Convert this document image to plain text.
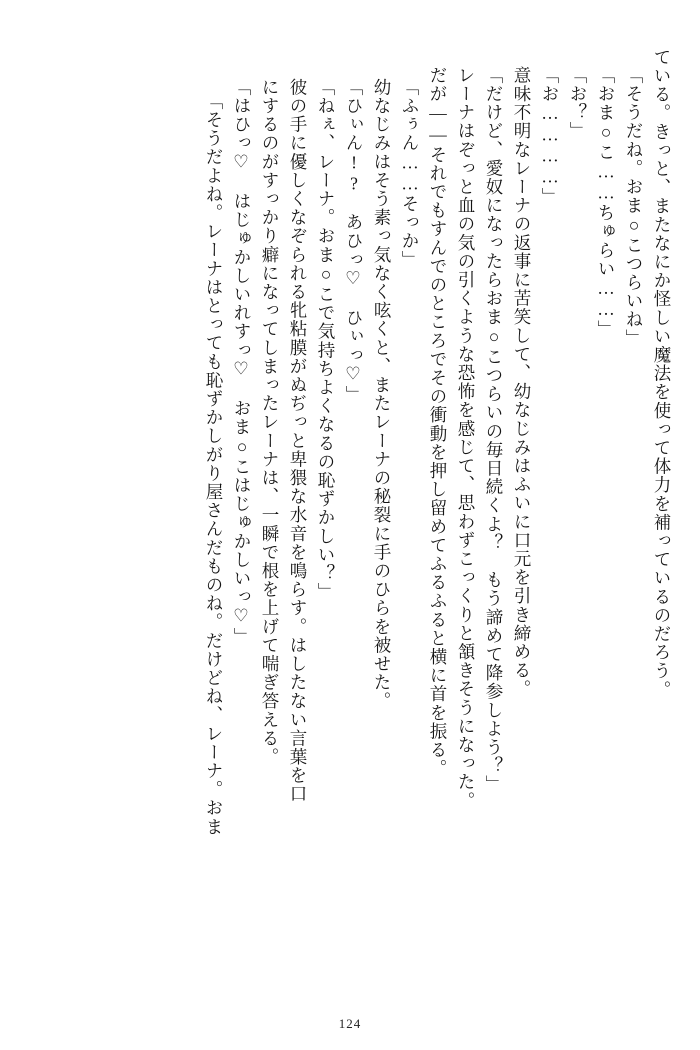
ている。きっと、またなにか怪しい魔法を使って体力を補っているのだろう。
「そうだね。おま○こつらいね」
「おま○こ……ちゅらい……」
「お？」
「お…………」
意味不明なレーナの返事に苦笑して、幼なじみはふいに口元を引き締める。
「だけど、愛奴になったらおま○こつらいの毎日続くよ？　もう諦めて降参しよう？」
レーナはぞっと血の気の引くような恐怖を感じて、思わずこっくりと頷きそうになった。
だが——それでもすんでのところでその衝動を押し留めてふるふると横に首を振る。
「ふぅん……そっか」
幼なじみはそう素っ気なく呟くと、またレーナの秘裂に手のひらを被せた。
「ひぃん!?　あひっ♡　ひぃっ♡」
「ねぇ、レーナ。おま○こで気持ちよくなるの恥ずかしい？」
彼の手に優しくなぞられる牝粘膜がぬぢっと卑猥な水音を鳴らす。はしたない言葉を口
にするのがすっかり癖になってしまったレーナは、一瞬で根を上げて喘ぎ答える。
「はひっ♡　はじゅかしいれすっ♡　おま○こはじゅかしいっ♡」
「そうだよね。レーナはとっても恥ずかしがり屋さんだものね。だけどね、レーナ。おま
124
